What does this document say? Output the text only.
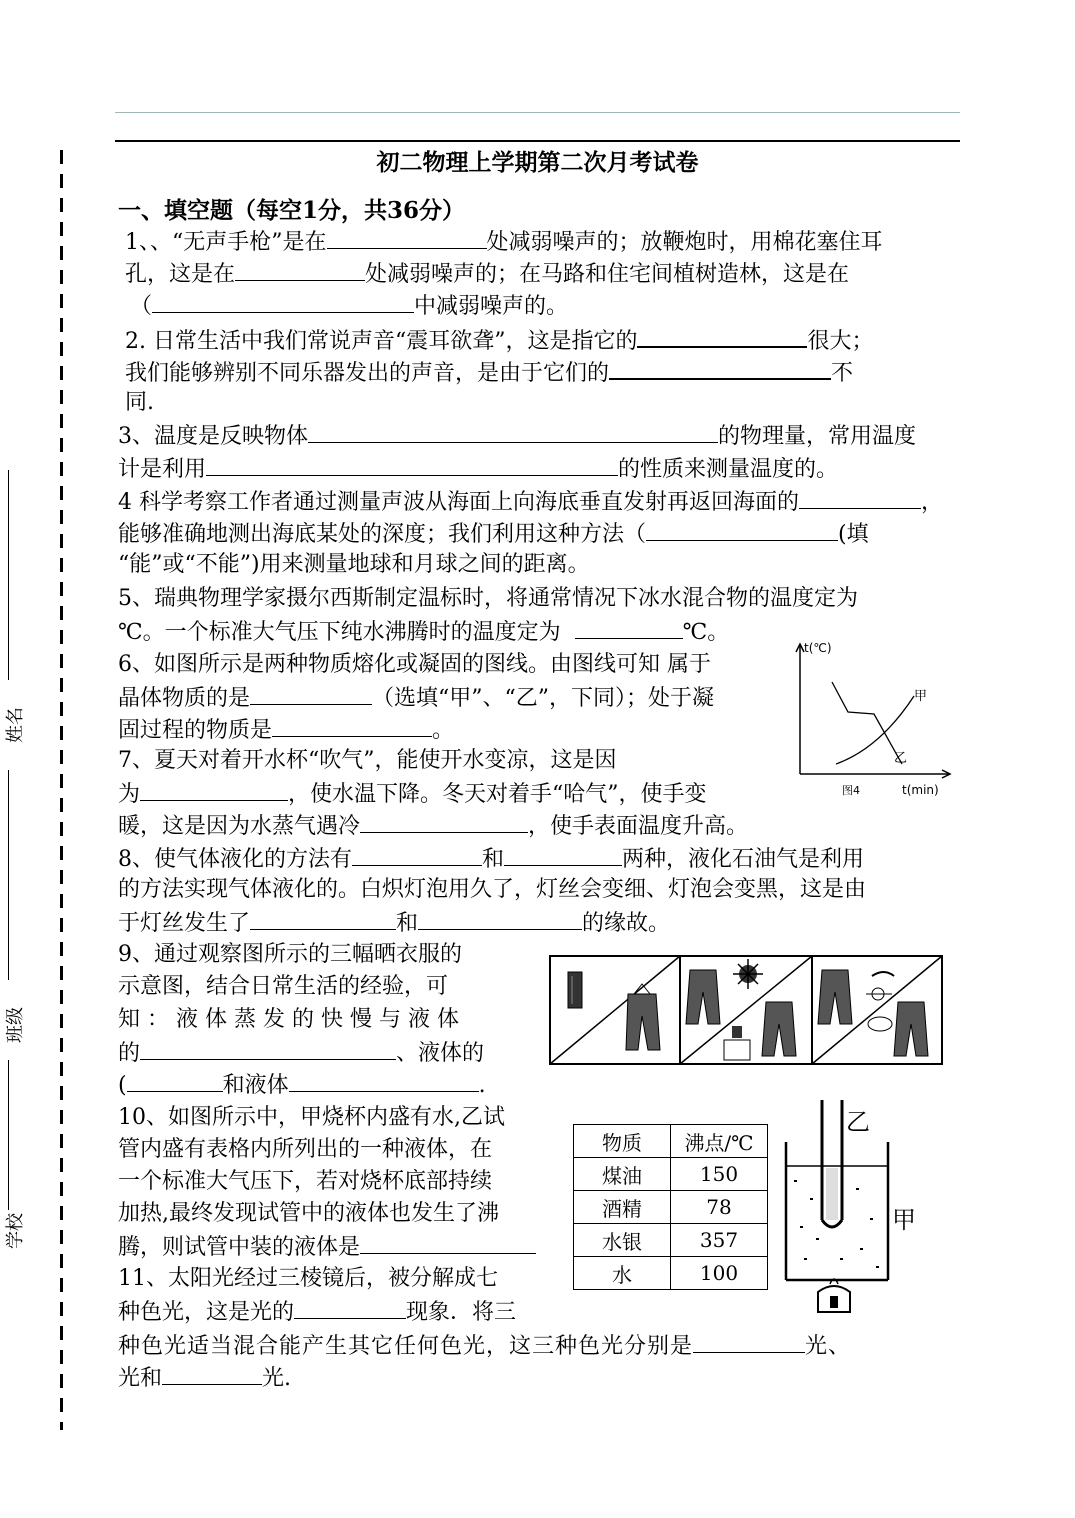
姓名
班级
学校
初二物理上学期第二次月考试卷
一、填空题（每空1分，共36分）
1、、“无声手枪”是在	处减弱噪声的；放鞭炮时，用棉花塞住耳
孔，这是在	处减弱噪声的；在马路和住宅间植树造林，这是在
（	中减弱噪声的。
2. 日常生活中我们常说声音“震耳欲聋”，这是指它的	很大；
我们能够辨别不同乐器发出的声音，是由于它们的	不
同.
3、温度是反映物体	的物理量，常用温度
计是利用	的性质来测量温度的。
4 科学考察工作者通过测量声波从海面上向海底垂直发射再返回海面的	，
能够准确地测出海底某处的深度；我们利用这种方法（	(填
“能”或“不能”)用来测量地球和月球之间的距离。
5、瑞典物理学家摄尔西斯制定温标时，将通常情况下冰水混合物的温度定为
℃。一个标准大气压下纯水沸腾时的温度定为	℃。
6、如图所示是两种物质熔化或凝固的图线。由图线可知 属于
晶体物质的是	（选填“甲”、“乙”，下同）；处于凝
固过程的物质是	。
7、夏天对着开水杯“吹气”，能使开水变凉，这是因
为	，使水温下降。冬天对着手“哈气”，使手变
暖，这是因为水蒸气遇冷	，使手表面温度升高。
8、使气体液化的方法有	和	两种，液化石油气是利用
的方法实现气体液化的。白炽灯泡用久了，灯丝会变细、灯泡会变黑，这是由
于灯丝发生了	和	的缘故。
9、通过观察图所示的三幅晒衣服的
示意图，结合日常生活的经验，可
知：液体蒸发的快慢与液体
的	、液体的
(	和液体	.
10、如图所示中，甲烧杯内盛有水,乙试
管内盛有表格内所列出的一种液体，在
一个标准大气压下，若对烧杯底部持续
加热,最终发现试管中的液体也发生了沸
腾，则试管中装的液体是
11、太阳光经过三棱镜后，被分解成七
种色光，这是光的	现象．将三
种色光适当混合能产生其它任何色光，这三种色光分别是	光、
光和	光.
t(℃)
甲
乙
图4	t(min)
物质	沸点/℃
煤油	150
酒精	78
水银	357
水	100
乙
甲
